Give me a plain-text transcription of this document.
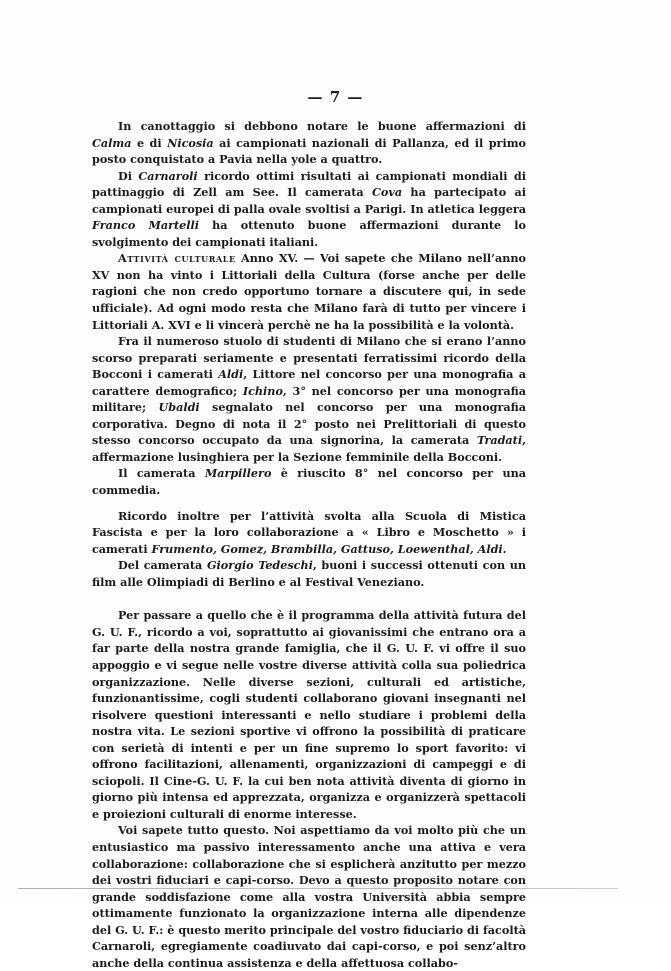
— 7 —

In canottaggio si debbono notare le buone affermazioni di Calma e di Nicosia ai campionati nazionali di Pallanza, ed il primo posto conquistato a Pavia nella yole a quattro.

Di Carnaroli ricordo ottimi risultati ai campionati mondiali di pattinaggio di Zell am See. Il camerata Cova ha partecipato ai campionati europei di palla ovale svoltisi a Parigi. In atletica leggera Franco Martelli ha ottenuto buone affermazioni durante lo svolgimento dei campionati italiani.

Attività culturale Anno XV. — Voi sapete che Milano nell’anno XV non ha vinto i Littoriali della Cultura (forse anche per delle ragioni che non credo opportuno tornare a discutere qui, in sede ufficiale). Ad ogni modo resta che Milano farà di tutto per vincere i Littoriali A. XVI e li vincerà perchè ne ha la possibilità e la volontà.

Fra il numeroso stuolo di studenti di Milano che si erano l’anno scorso preparati seriamente e presentati ferratissimi ricordo della Bocconi i camerati Aldi, Littore nel concorso per una monografia a carattere demografico; Ichino, 3° nel concorso per una monografia militare; Ubaldi segnalato nel concorso per una monografia corporativa. Degno di nota il 2° posto nei Prelittoriali di questo stesso concorso occupato da una signorina, la camerata Tradati, affermazione lusinghiera per la Sezione femminile della Bocconi.

Il camerata Marpillero è riuscito 8° nel concorso per una commedia.

Ricordo inoltre per l’attività svolta alla Scuola di Mistica Fascista e per la loro collaborazione a « Libro e Moschetto » i camerati Frumento, Gomez, Brambilla, Gattuso, Loewenthal, Aldi.

Del camerata Giorgio Tedeschi, buoni i successi ottenuti con un film alle Olimpiadi di Berlino e al Festival Veneziano.

Per passare a quello che è il programma della attività futura del G. U. F., ricordo a voi, soprattutto ai giovanissimi che entrano ora a far parte della nostra grande famiglia, che il G. U. F. vi offre il suo appoggio e vi segue nelle vostre diverse attività colla sua poliedrica organizzazione. Nelle diverse sezioni, culturali ed artistiche, funzionantissime, cogli studenti collaborano giovani insegnanti nel risolvere questioni interessanti e nello studiare i problemi della nostra vita. Le sezioni sportive vi offrono la possibilità di praticare con serietà di intenti e per un fine supremo lo sport favorito: vi offrono facilitazioni, allenamenti, organizzazioni di campeggi e di sciopoli. Il Cine-G. U. F. la cui ben nota attività diventa di giorno in giorno più intensa ed apprezzata, organizza e organizzerà spettacoli e proiezioni culturali di enorme interesse.

Voi sapete tutto questo. Noi aspettiamo da voi molto più che un entusiastico ma passivo interessamento anche una attiva e vera collaborazione: collaborazione che si esplicherà anzitutto per mezzo dei vostri fiduciari e capi-corso. Devo a questo proposito notare con grande soddisfazione come alla vostra Università abbia sempre ottimamente funzionato la organizzazione interna alle dipendenze del G. U. F.: è questo merito principale del vostro fiduciario di facoltà Carnaroli, egregiamente coadiuvato dai capi-corso, e poi senz’altro anche della continua assistenza e della affettuosa collabo-
